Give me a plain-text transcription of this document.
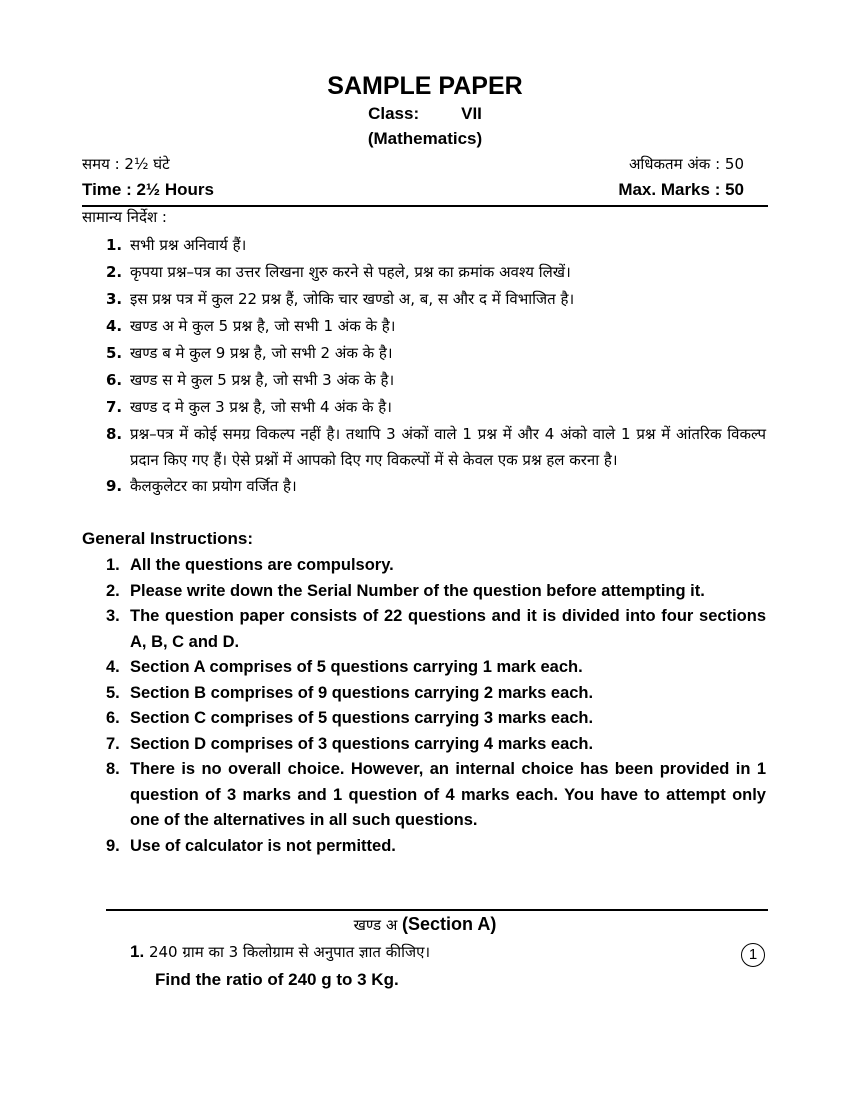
SAMPLE PAPER
Class: VII
(Mathematics)
समय : 2½ घंटे	अधिकतम अंक : 50
Time : 2½ Hours	Max. Marks : 50
सामान्य निर्देश :
1. सभी प्रश्न अनिवार्य हैं।
2. कृपया प्रश्न–पत्र का उत्तर लिखना शुरु करने से पहले, प्रश्न का क्रमांक अवश्य लिखें।
3. इस प्रश्न पत्र में कुल 22 प्रश्न हैं, जोकि चार खण्डो अ, ब, स और द में विभाजित है।
4. खण्ड अ मे कुल 5 प्रश्न है, जो सभी 1 अंक के है।
5. खण्ड ब मे कुल 9 प्रश्न है, जो सभी 2 अंक के है।
6. खण्ड स मे कुल 5 प्रश्न है, जो सभी 3 अंक के है।
7. खण्ड द मे कुल 3 प्रश्न है, जो सभी 4 अंक के है।
8. प्रश्न–पत्र में कोई समग्र विकल्प नहीं है। तथापि 3 अंकों वाले 1 प्रश्न में और 4 अंको वाले 1 प्रश्न में आंतरिक विकल्प प्रदान किए गए हैं। ऐसे प्रश्नों में आपको दिए गए विकल्पों में से केवल एक प्रश्न हल करना है।
9. कैलकुलेटर का प्रयोग वर्जित है।
General Instructions:
1. All the questions are compulsory.
2. Please write down the Serial Number of the question before attempting it.
3. The question paper consists of 22 questions and it is divided into four sections A, B, C and D.
4. Section A comprises of 5 questions carrying 1 mark each.
5. Section B comprises of 9 questions carrying 2 marks each.
6. Section C comprises of 5 questions carrying 3 marks each.
7. Section D comprises of 3 questions carrying 4 marks each.
8. There is no overall choice. However, an internal choice has been provided in 1 question of 3 marks and 1 question of 4 marks each. You have to attempt only one of the alternatives in all such questions.
9. Use of calculator is not permitted.
खण्ड अ (Section A)
1. 240 ग्राम का 3 किलोग्राम से अनुपात ज्ञात कीजिए।	1
Find the ratio of 240 g to 3 Kg.
